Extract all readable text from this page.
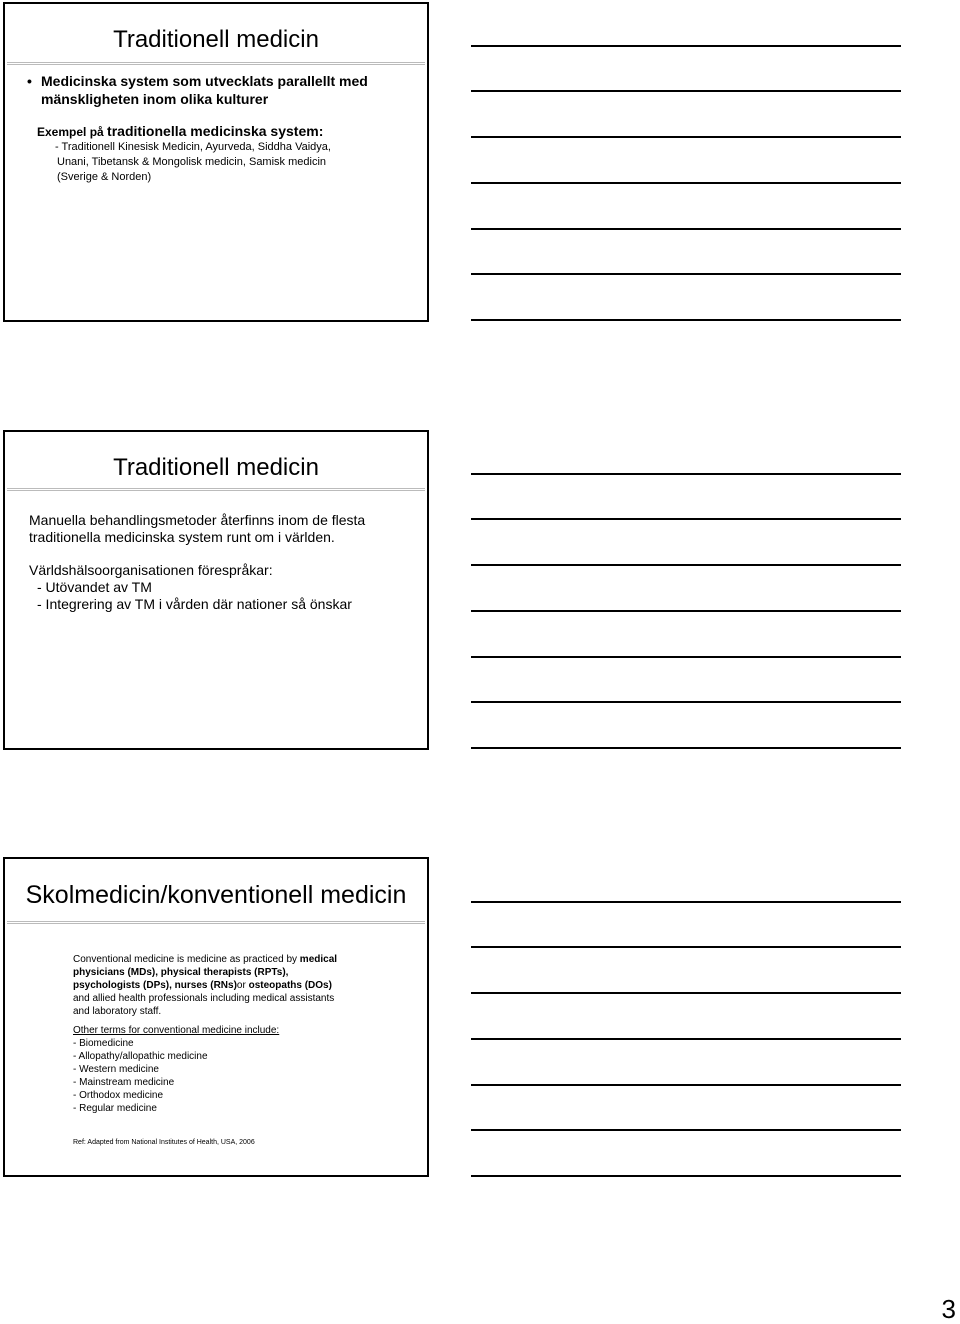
Traditionell medicin
• Medicinska system som utvecklats parallellt med
mänskligheten inom olika kulturer
Exempel på traditionella medicinska system:
- Traditionell Kinesisk Medicin, Ayurveda, Siddha Vaidya,
Unani, Tibetansk & Mongolisk medicin, Samisk medicin
(Sverige & Norden)
Traditionell medicin
Manuella behandlingsmetoder återfinns inom de flesta
traditionella medicinska system runt om i världen.
Världshälsoorganisationen förespråkar:
- Utövandet av TM
- Integrering av TM i vården där nationer så önskar
Skolmedicin/konventionell medicin
Conventional medicine is medicine as practiced by medical
physicians (MDs), physical therapists (RPTs),
psychologists (DPs), nurses (RNs)or osteopaths (DOs)
and allied health professionals including medical assistants
and laboratory staff.
Other terms for conventional medicine include:
- Biomedicine
- Allopathy/allopathic medicine
- Western medicine
- Mainstream medicine
- Orthodox medicine
- Regular medicine
Ref: Adapted from National Institutes of Health, USA, 2006
3
